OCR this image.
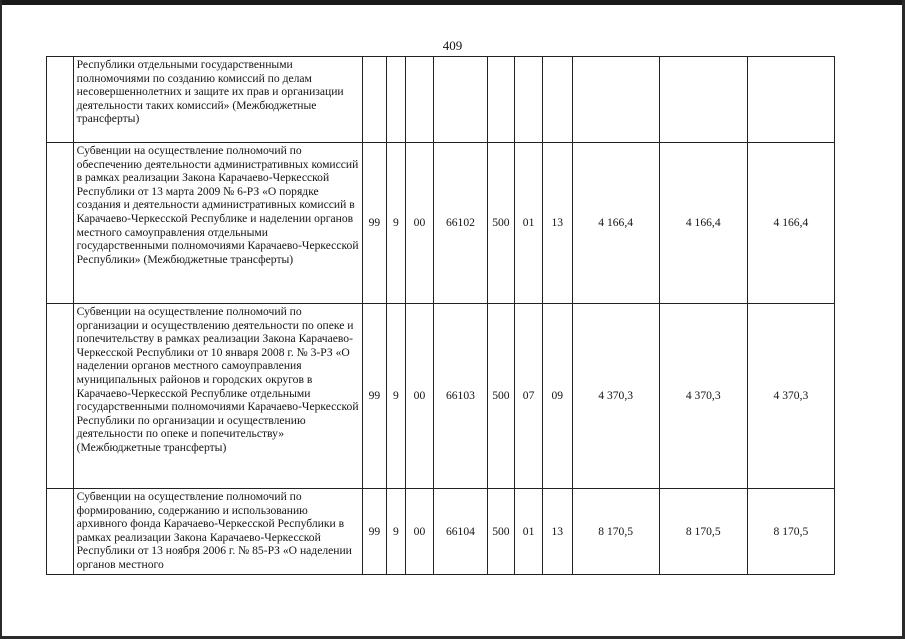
409
	Республики отдельными государственными полномочиями по созданию комиссий по делам несовершеннолетних и защите их прав и организации деятельности таких комиссий» (Межбюджетные трансферты)										
	Субвенции на осуществление полномочий по обеспечению деятельности административных комиссий в рамках реализации Закона Карачаево-Черкесской Республики от 13 марта 2009 № 6-РЗ «О порядке создания и деятельности административных комиссий в Карачаево-Черкесской Республике и наделении органов местного самоуправления отдельными государственными полномочиями Карачаево-Черкесской Республики» (Межбюджетные трансферты)	99	9	00	66102	500	01	13	4 166,4	4 166,4	4 166,4
	Субвенции на осуществление полномочий по организации и осуществлению деятельности по опеке и попечительству в рамках реализации Закона Карачаево-Черкесской Республики от 10 января 2008 г. № 3-РЗ «О наделении органов местного самоуправления муниципальных районов и городских округов в Карачаево-Черкесской Республике отдельными государственными полномочиями Карачаево-Черкесской Республики по организации и осуществлению деятельности по опеке и попечительству» (Межбюджетные трансферты)	99	9	00	66103	500	07	09	4 370,3	4 370,3	4 370,3
	Субвенции на осуществление полномочий по формированию, содержанию и использованию архивного фонда Карачаево-Черкесской Республики в рамках реализации Закона Карачаево-Черкесской Республики от 13 ноября 2006 г. № 85-РЗ «О наделении органов местного	99	9	00	66104	500	01	13	8 170,5	8 170,5	8 170,5
